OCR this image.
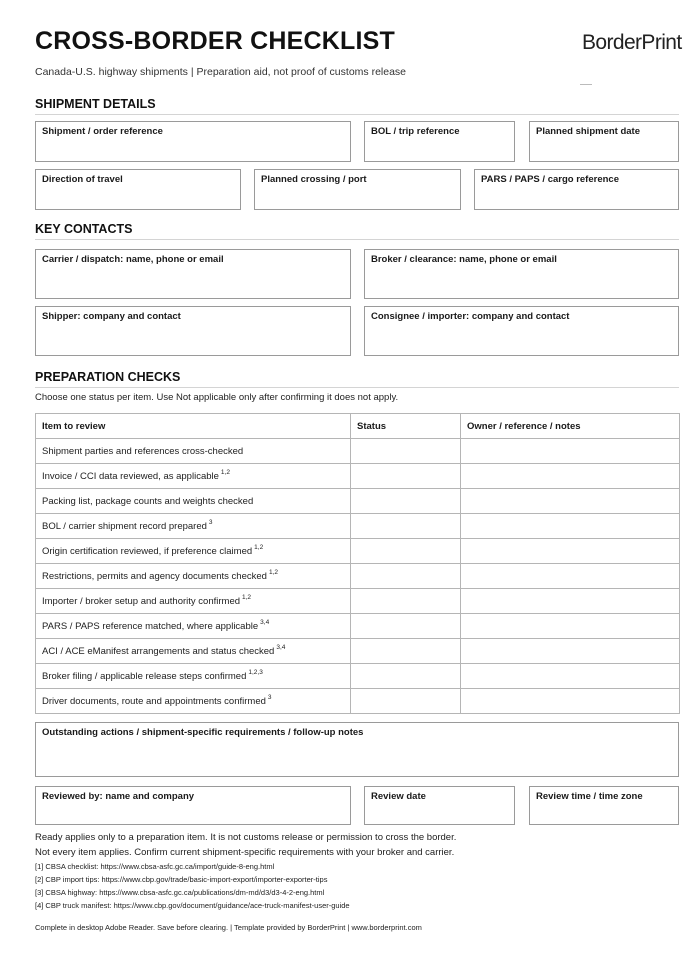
CROSS-BORDER CHECKLIST	BorderPrint
Canada-U.S. highway shipments | Preparation aid, not proof of customs release
SHIPMENT DETAILS
Shipment / order reference	BOL / trip reference	Planned shipment date
Direction of travel	Planned crossing / port	PARS / PAPS / cargo reference
KEY CONTACTS
Carrier / dispatch: name, phone or email	Broker / clearance: name, phone or email
Shipper: company and contact	Consignee / importer: company and contact
PREPARATION CHECKS
Choose one status per item. Use Not applicable only after confirming it does not apply.
Item to review	Status	Owner / reference / notes
Shipment parties and references cross-checked		
Invoice / CCI data reviewed, as applicable $^{1,2}$		
Packing list, package counts and weights checked		
BOL / carrier shipment record prepared $^3$		
Origin certification reviewed, if preference claimed $^{1,2}$		
Restrictions, permits and agency documents checked $^{1,2}$		
Importer / broker setup and authority confirmed $^{1,2}$		
PARS / PAPS reference matched, where applicable $^{3,4}$		
ACI / ACE eManifest arrangements and status checked $^{3,4}$		
Broker filing / applicable release steps confirmed $^{1,2,3}$		
Driver documents, route and appointments confirmed $^3$		
Outstanding actions / shipment-specific requirements / follow-up notes
Reviewed by: name and company	Review date	Review time / time zone
Ready applies only to a preparation item. It is not customs release or permission to cross the border.
Not every item applies. Confirm current shipment-specific requirements with your broker and carrier.
[1] CBSA checklist: https://www.cbsa-asfc.gc.ca/import/guide-8-eng.html
[2] CBP import tips: https://www.cbp.gov/trade/basic-import-export/importer-exporter-tips
[3] CBSA highway: https://www.cbsa-asfc.gc.ca/publications/dm-md/d3/d3-4-2-eng.html
[4] CBP truck manifest: https://www.cbp.gov/document/guidance/ace-truck-manifest-user-guide
Complete in desktop Adobe Reader. Save before clearing. | Template provided by BorderPrint | www.borderprint.com
